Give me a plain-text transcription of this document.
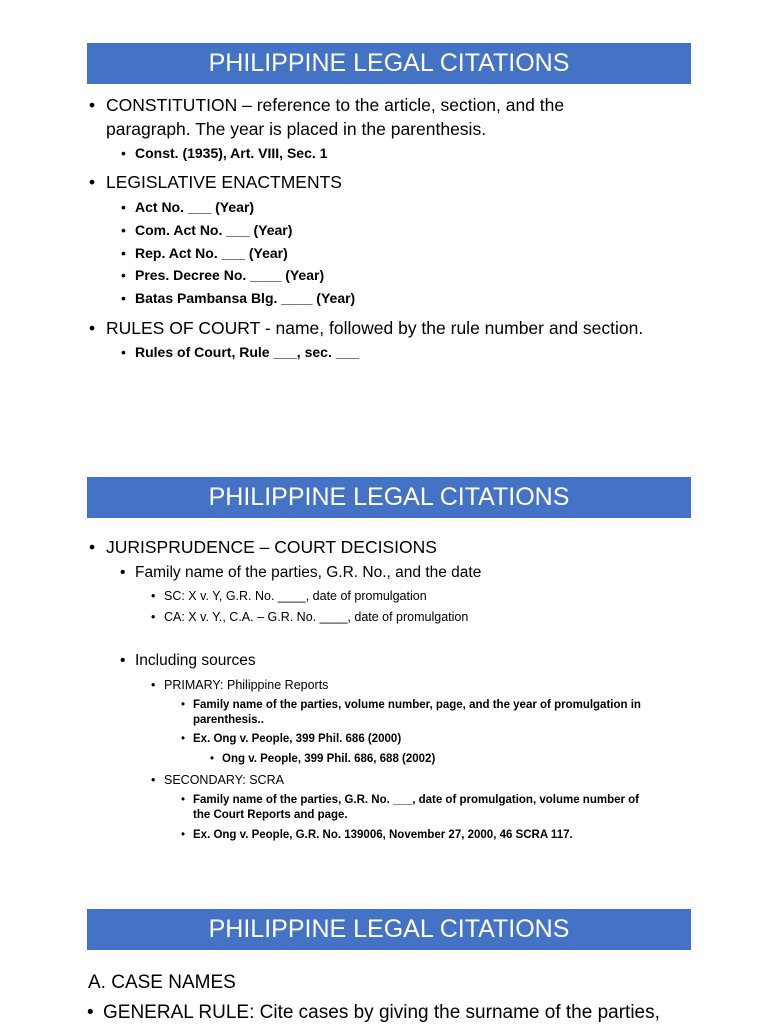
PHILIPPINE LEGAL CITATIONS
• CONSTITUTION – reference to the article, section, and the
paragraph. The year is placed in the parenthesis.
• Const. (1935), Art. VIII, Sec. 1
• LEGISLATIVE ENACTMENTS
• Act No. ___ (Year)
• Com. Act No. ___ (Year)
• Rep. Act No. ___ (Year)
• Pres. Decree No. ____ (Year)
• Batas Pambansa Blg. ____ (Year)
• RULES OF COURT - name, followed by the rule number and section.
• Rules of Court, Rule ___, sec. ___
PHILIPPINE LEGAL CITATIONS
• JURISPRUDENCE – COURT DECISIONS
• Family name of the parties, G.R. No., and the date
• SC: X v. Y, G.R. No. ____, date of promulgation
• CA: X v. Y., C.A. – G.R. No. ____, date of promulgation
• Including sources
• PRIMARY: Philippine Reports
• Family name of the parties, volume number, page, and the year of promulgation in
parenthesis..
• Ex. Ong v. People, 399 Phil. 686 (2000)
• Ong v. People, 399 Phil. 686, 688 (2002)
• SECONDARY: SCRA
• Family name of the parties, G.R. No. ___, date of promulgation, volume number of
the Court Reports and page.
• Ex. Ong v. People, G.R. No. 139006, November 27, 2000, 46 SCRA 117.
PHILIPPINE LEGAL CITATIONS
A. CASE NAMES
• GENERAL RULE: Cite cases by giving the surname of the parties,
